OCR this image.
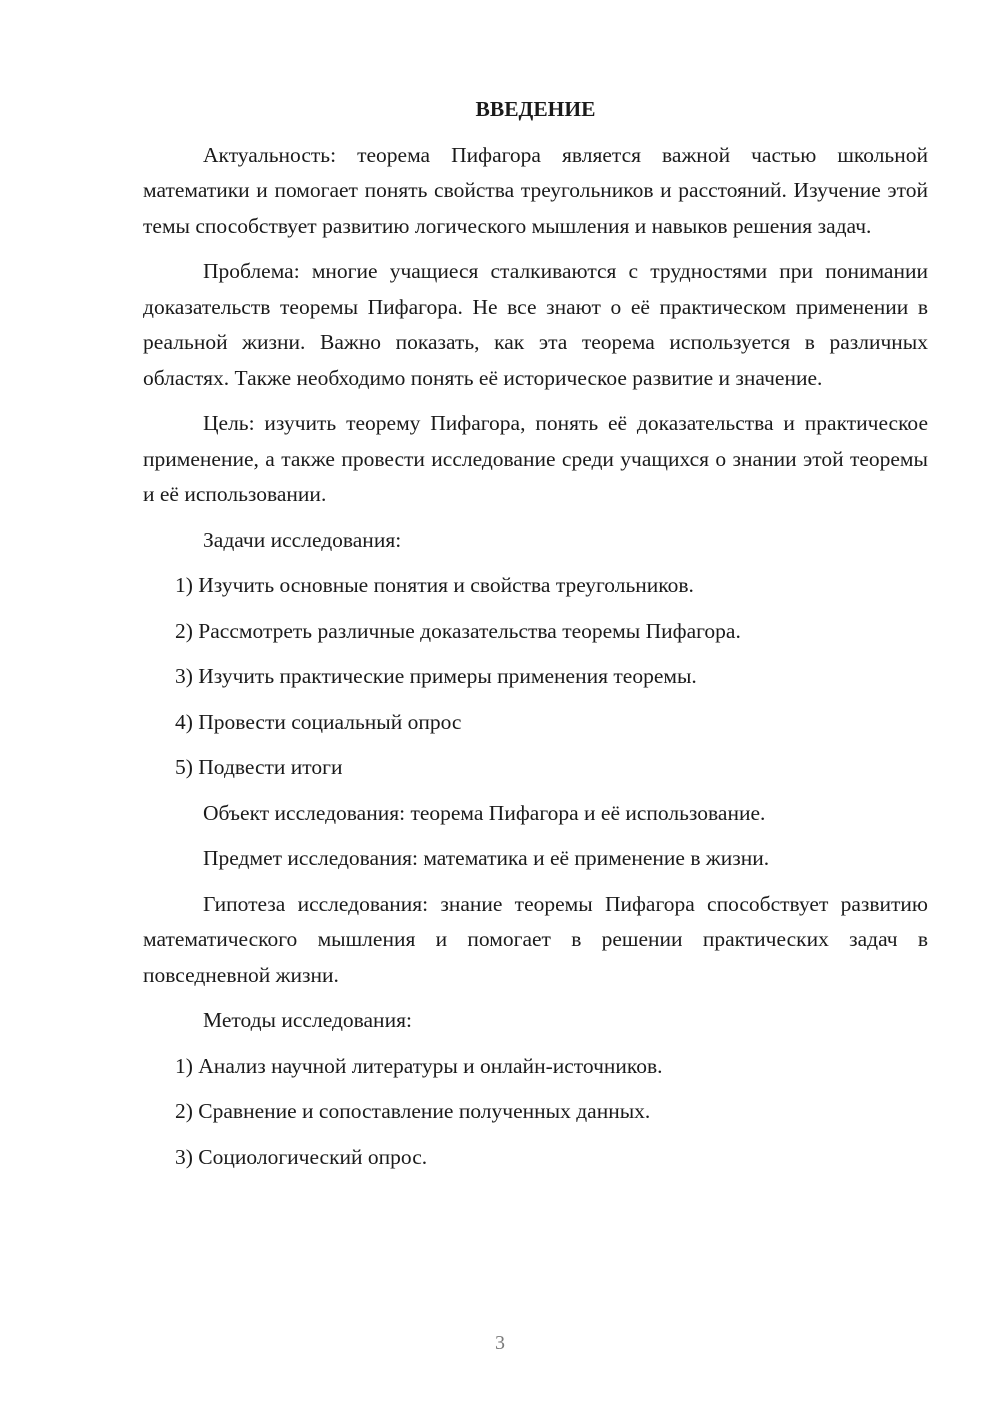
ВВЕДЕНИЕ

Актуальность: теорема Пифагора является важной частью школьной математики и помогает понять свойства треугольников и расстояний. Изучение этой темы способствует развитию логического мышления и навыков решения задач.

Проблема: многие учащиеся сталкиваются с трудностями при понимании доказательств теоремы Пифагора. Не все знают о её практическом применении в реальной жизни. Важно показать, как эта теорема используется в различных областях. Также необходимо понять её историческое развитие и значение.

Цель: изучить теорему Пифагора, понять её доказательства и практическое применение, а также провести исследование среди учащихся о знании этой теоремы и её использовании.

Задачи исследования:
1) Изучить основные понятия и свойства треугольников.
2) Рассмотреть различные доказательства теоремы Пифагора.
3) Изучить практические примеры применения теоремы.
4) Провести социальный опрос
5) Подвести итоги
Объект исследования: теорема Пифагора и её использование.
Предмет исследования: математика и её применение в жизни.

Гипотеза исследования: знание теоремы Пифагора способствует развитию математического мышления и помогает в решении практических задач в повседневной жизни.

Методы исследования:
1) Анализ научной литературы и онлайн-источников.
2) Сравнение и сопоставление полученных данных.
3) Социологический опрос.
3
